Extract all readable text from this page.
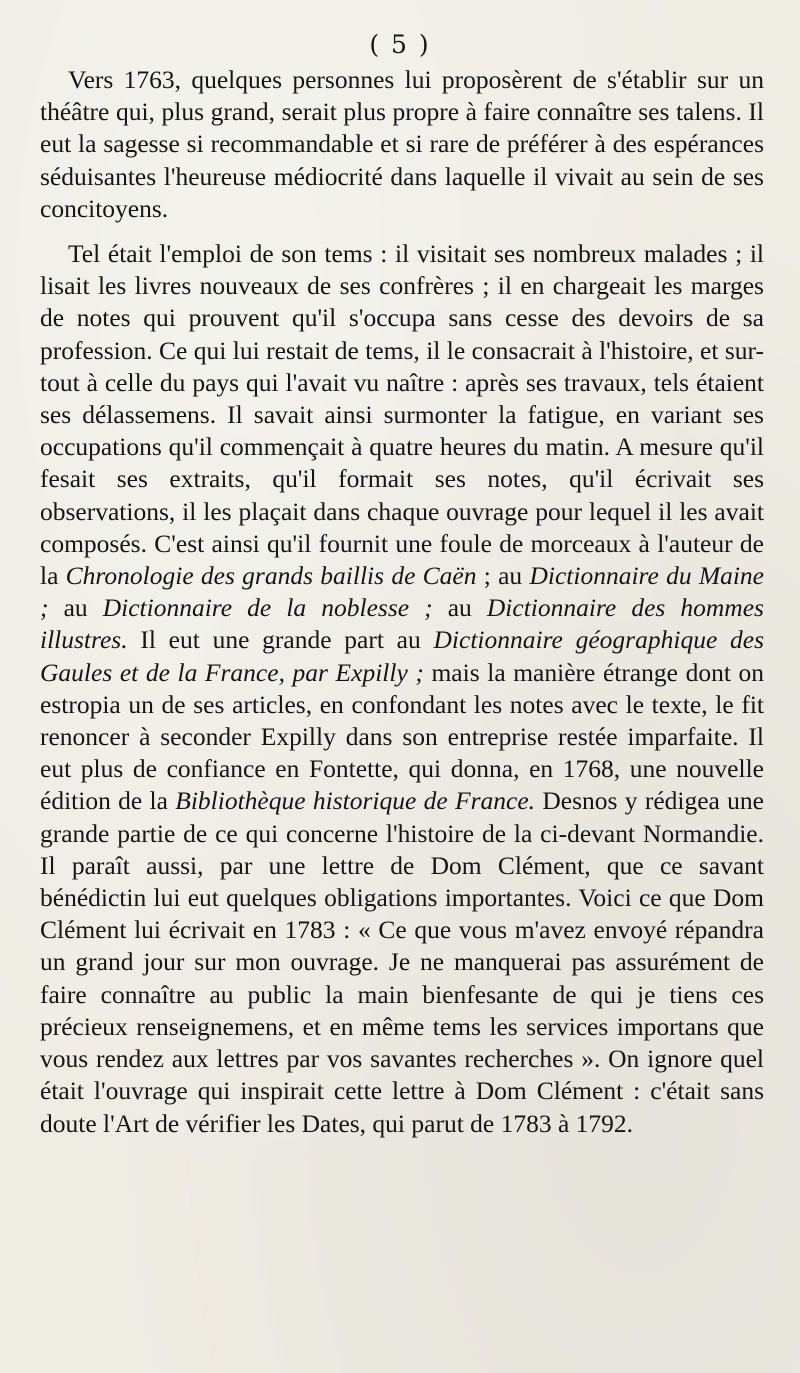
( 5 )

Vers 1763, quelques personnes lui proposèrent de s'établir sur un théâtre qui, plus grand, serait plus propre à faire connaître ses talens. Il eut la sagesse si recommandable et si rare de préférer à des espérances séduisantes l'heureuse médiocrité dans laquelle il vivait au sein de ses concitoyens.

Tel était l'emploi de son tems : il visitait ses nombreux malades ; il lisait les livres nouveaux de ses confrères ; il en chargeait les marges de notes qui prouvent qu'il s'occupa sans cesse des devoirs de sa profession. Ce qui lui restait de tems, il le consacrait à l'histoire, et sur-tout à celle du pays qui l'avait vu naître : après ses travaux, tels étaient ses délassemens. Il savait ainsi surmonter la fatigue, en variant ses occupations qu'il commençait à quatre heures du matin. A mesure qu'il fesait ses extraits, qu'il formait ses notes, qu'il écrivait ses observations, il les plaçait dans chaque ouvrage pour lequel il les avait composés. C'est ainsi qu'il fournit une foule de morceaux à l'auteur de la Chronologie des grands baillis de Caën ; au Dictionnaire du Maine ; au Dictionnaire de la noblesse ; au Dictionnaire des hommes illustres. Il eut une grande part au Dictionnaire géographique des Gaules et de la France, par Expilly ; mais la manière étrange dont on estropia un de ses articles, en confondant les notes avec le texte, le fit renoncer à seconder Expilly dans son entreprise restée imparfaite. Il eut plus de confiance en Fontette, qui donna, en 1768, une nouvelle édition de la Bibliothèque historique de France. Desnos y rédigea une grande partie de ce qui concerne l'histoire de la ci-devant Normandie. Il paraît aussi, par une lettre de Dom Clément, que ce savant bénédictin lui eut quelques obligations importantes. Voici ce que Dom Clément lui écrivait en 1783 : « Ce que vous m'avez envoyé répandra un grand jour sur mon ouvrage. Je ne manquerai pas assurément de faire connaître au public la main bienfesante de qui je tiens ces précieux renseignemens, et en même tems les services importans que vous rendez aux lettres par vos savantes recherches ». On ignore quel était l'ouvrage qui inspirait cette lettre à Dom Clément : c'était sans doute l'Art de vérifier les Dates, qui parut de 1783 à 1792.
